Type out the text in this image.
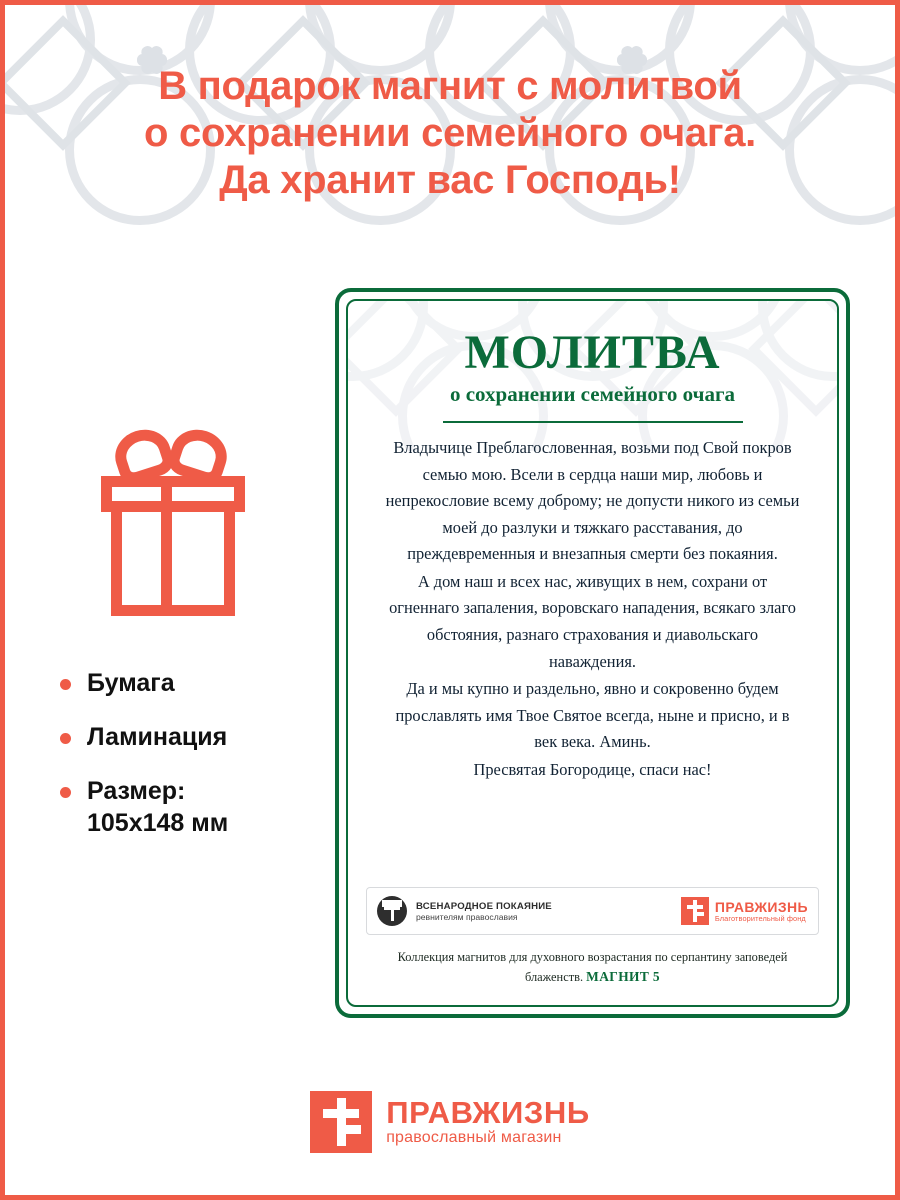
В подарок магнит с молитвой
о сохранении семейного очага.
Да хранит вас Господь!
Бумага
Ламинация
Размер:
105х148 мм
МОЛИТВА
о сохранении семейного очага

Владычице Преблагословенная, возьми под Свой покров семью мою. Всели в сердца наши мир, любовь и непрекословие всему доброму; не допусти никого из семьи моей до разлуки и тяжкаго расставания, до преждевременныя и внезапныя смерти без покаяния.

А дом наш и всех нас, живущих в нем, сохрани от огненнаго запаления, воровскаго нападения, всякаго злаго обстояния, разнаго страхования и диавольскаго наваждения.

Да и мы купно и раздельно, явно и сокровенно будем прославлять имя Твое Святое всегда, ныне и присно, и в век века. Аминь.

Пресвятая Богородице, спаси нас!

ВСЕНАРОДНОЕ ПОКАЯНИЕ
ревнителям православия
ПРАВЖИЗНЬ
Благотворительный фонд
Коллекция магнитов для духовного возрастания по серпантину заповедей блаженств. МАГНИТ 5
ПРАВЖИЗНЬ
православный магазин
